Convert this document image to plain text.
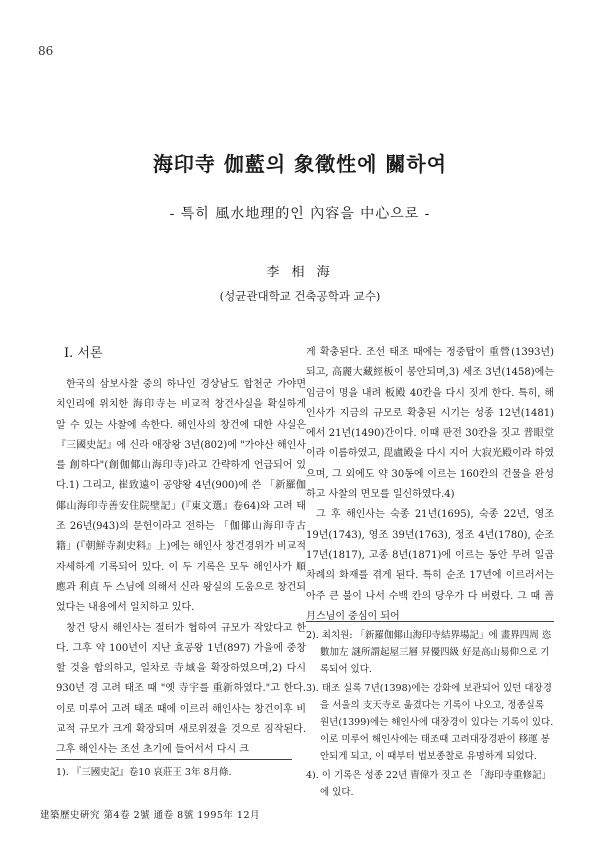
86
海印寺 伽藍의 象徵性에 關하여
- 특히 風水地理的인 內容을 中心으로 -
李 相 海
(성균관대학교 건축공학과 교수)
I. 서론

한국의 삼보사찰 중의 하나인 경상남도 합천군 가야면 치인리에 위치한 海印寺는 비교적 창건사실을 확실하게 알 수 있는 사찰에 속한다. 해인사의 창건에 대한 사실은 『三國史記』에 신라 애장왕 3년(802)에 "가야산 해인사를 創하다"(創伽倻山海印寺)라고 간략하게 언급되어 있다.1) 그리고, 崔致遠이 공양왕 4년(900)에 쓴 「新羅伽倻山海印寺善安住院壁記」(『東文選』卷64)와 고려 태조 26년(943)의 문헌이라고 전하는 「伽倻山海印寺古籍」(『朝鮮寺刹史料』上)에는 해인사 창건경위가 비교적 자세하게 기록되어 있다. 이 두 기록은 모두 해인사가 順應과 利貞 두 스님에 의해서 신라 왕실의 도움으로 창건되었다는 내용에서 일치하고 있다.

창건 당시 해인사는 절터가 협하여 규모가 작았다고 한다. 그후 약 100년이 지난 효공왕 1년(897) 가을에 중창할 것을 합의하고, 일차로 寺域을 확장하였으며,2) 다시 930년 경 고려 태조 때 "옛 寺宇를 重新하였다."고 한다. 이로 미루어 고려 태조 때에 이르러 해인사는 창건이후 비교적 규모가 크게 확장되며 새로위졌을 것으로 짐작된다. 그후 해인사는 조선 초기에 들어서서 다시 크

1). 『三國史記』卷10 哀莊王 3年 8月條.

게 확충된다. 조선 태조 때에는 정중탑이 重營(1393년)되고, 高麗大藏經板이 봉안되며,3) 세조 3년(1458)에는 임금이 명을 내려 板殿 40칸을 다시 짓게 한다. 특히, 해인사가 지금의 규모로 확충된 시기는 성종 12년(1481)에서 21년(1490)간이다. 이때 판전 30칸을 짓고 普眼堂이라 이름하였고, 毘盧殿을 다시 지어 大寂光殿이라 하였으며, 그 외에도 약 30동에 이르는 160칸의 건물을 완성하고 사찰의 면모를 일신하였다.4)

그 후 해인사는 숙종 21년(1695), 숙종 22년, 영조 19년(1743), 영조 39년(1763), 정조 4년(1780), 순조 17년(1817), 고종 8년(1871)에 이르는 동안 무려 일곱 차례의 화재를 겪게 된다. 특히 순조 17년에 이르러서는 아주 큰 불이 나서 수백 칸의 당우가 다 버렸다. 그 때 善月스님이 중심이 되어

2). 최치원: 「新羅伽倻山海印寺結界場記」에 畫界四周 恣數加左 謎所謂起屋三層 昇優四級 好是高山易仰으로 기록되어 있다.

3). 태조 실록 7년(1398)에는 강화에 보관되어 있던 대장경을 서울의 支天寺로 옮겼다는 기록이 나오고, 정종실록 원년(1399)에는 해인사에 대장경이 있다는 기록이 있다. 이로 미루어 해인사에는 태조때 고려대장경판이 移運 봉안되게 되고, 이 때부터 법보종찰로 유명하게 되었다.

4). 이 기록은 성종 22년 曺偉가 짓고 쓴 「海印寺重修記」에 있다.

建築歷史硏究 第4卷 2號 通卷 8號 1995年 12月
